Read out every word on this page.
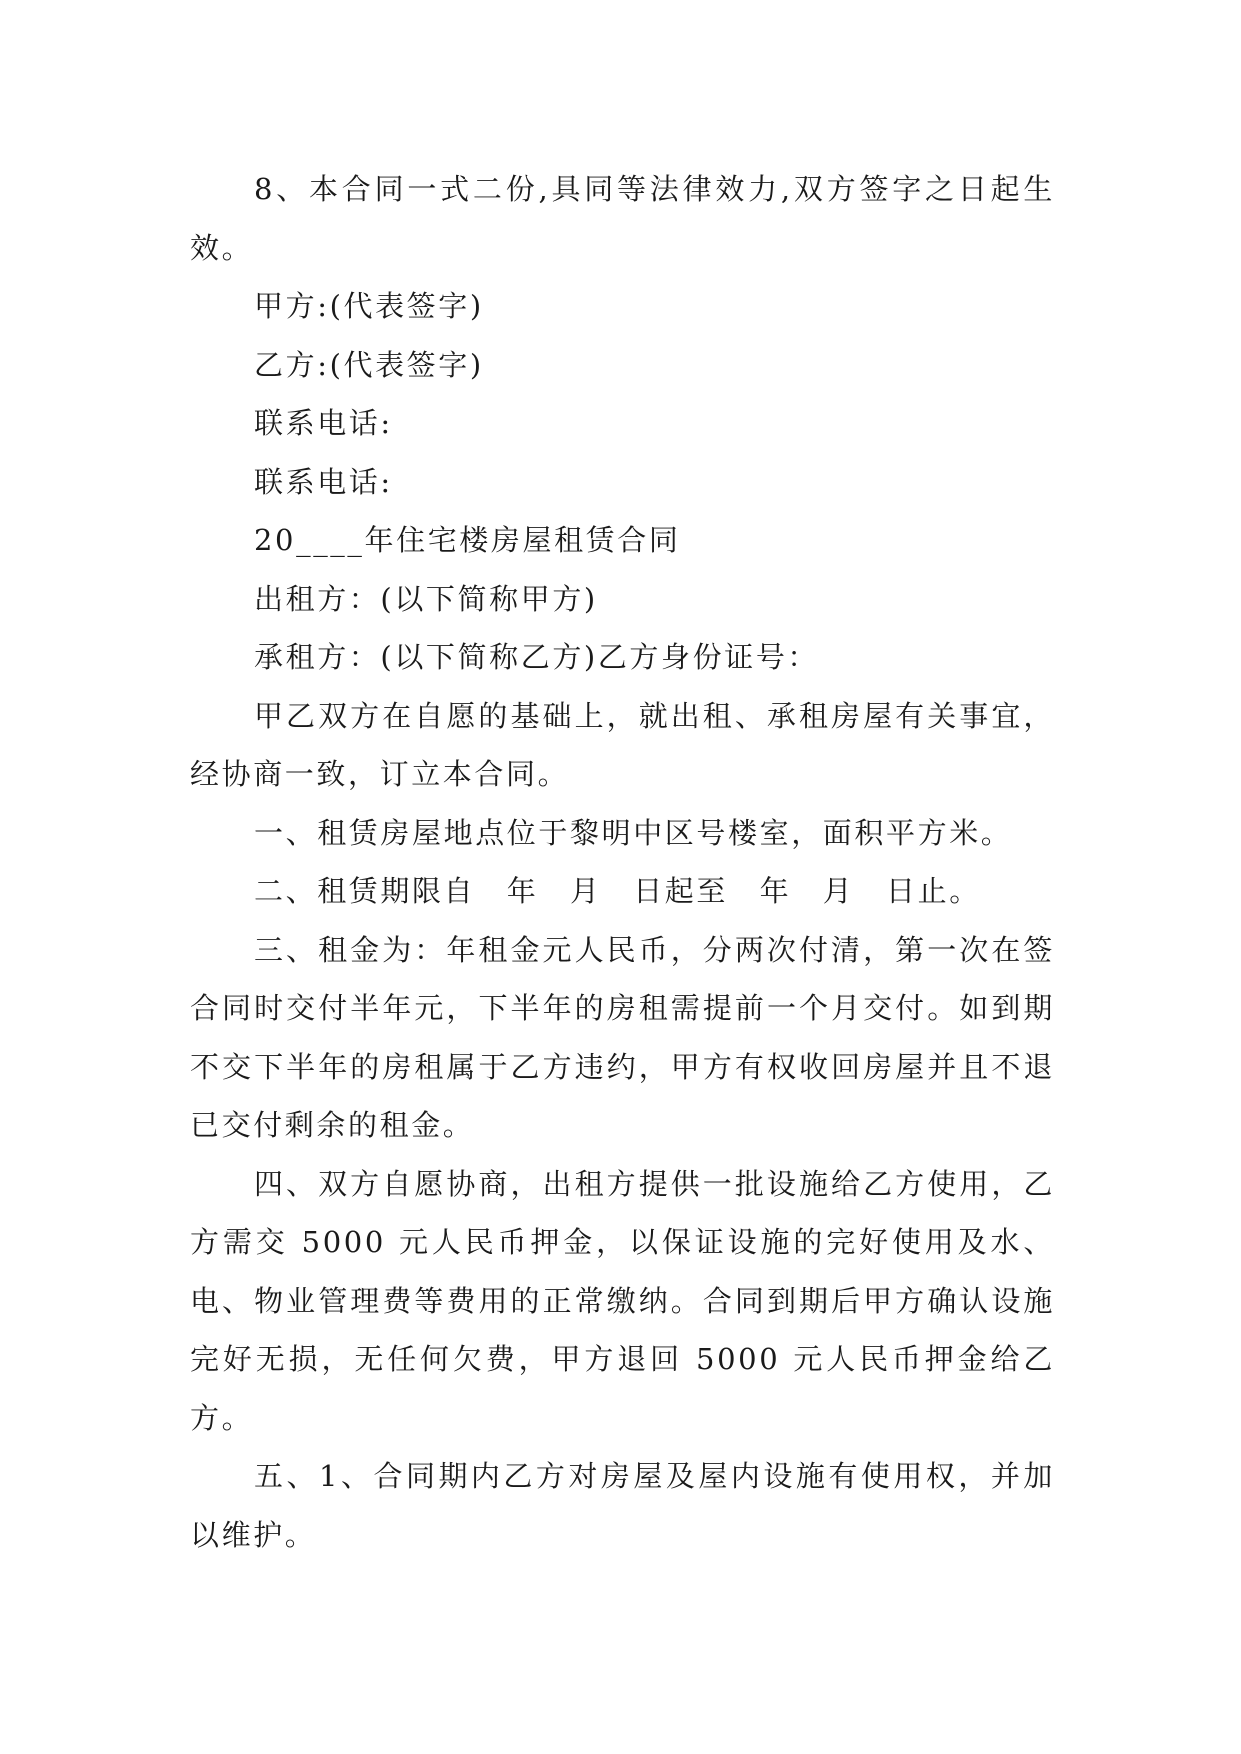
8、本合同一式二份,具同等法律效力,双方签字之日起生效。

甲方:(代表签字)

乙方:(代表签字)

联系电话:

联系电话:

20____年住宅楼房屋租赁合同

出租方：(以下简称甲方)

承租方：(以下简称乙方)乙方身份证号：

甲乙双方在自愿的基础上，就出租、承租房屋有关事宜，经协商一致，订立本合同。

一、租赁房屋地点位于黎明中区号楼室，面积平方米。

二、租赁期限自　年　月　日起至　年　月　日止。

三、租金为：年租金元人民币，分两次付清，第一次在签合同时交付半年元，下半年的房租需提前一个月交付。如到期不交下半年的房租属于乙方违约，甲方有权收回房屋并且不退已交付剩余的租金。

四、双方自愿协商，出租方提供一批设施给乙方使用，乙方需交 5000 元人民币押金，以保证设施的完好使用及水、电、物业管理费等费用的正常缴纳。合同到期后甲方确认设施完好无损，无任何欠费，甲方退回 5000 元人民币押金给乙方。

五、1、合同期内乙方对房屋及屋内设施有使用权，并加以维护。
